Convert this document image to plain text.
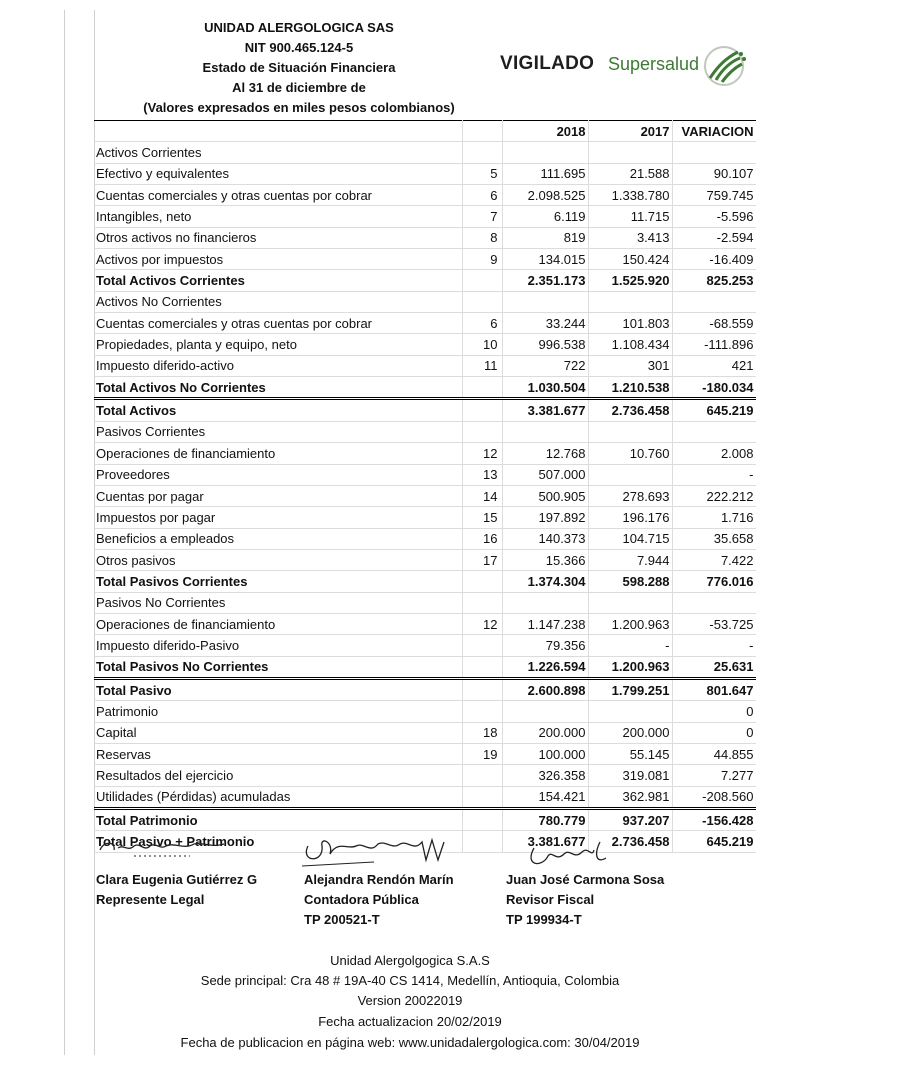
UNIDAD ALERGOLOGICA SAS
NIT 900.465.124-5
Estado de Situación Financiera
Al 31 de diciembre de
(Valores expresados en miles pesos colombianos)
VIGILADO Supersalud
		2018	2017	VARIACION
Activos Corrientes				
Efectivo y equivalentes	5	111.695	21.588	90.107
Cuentas comerciales y otras cuentas por cobrar	6	2.098.525	1.338.780	759.745
Intangibles, neto	7	6.119	11.715	-5.596
Otros activos no financieros	8	819	3.413	-2.594
Activos por impuestos	9	134.015	150.424	-16.409
Total Activos Corrientes		2.351.173	1.525.920	825.253
Activos No Corrientes				
Cuentas comerciales y otras cuentas por cobrar	6	33.244	101.803	-68.559
Propiedades, planta y equipo, neto	10	996.538	1.108.434	-111.896
Impuesto diferido-activo	11	722	301	421
Total Activos No Corrientes		1.030.504	1.210.538	-180.034
Total Activos		3.381.677	2.736.458	645.219
Pasivos Corrientes				
Operaciones de financiamiento	12	12.768	10.760	2.008
Proveedores	13	507.000		-
Cuentas por pagar	14	500.905	278.693	222.212
Impuestos por pagar	15	197.892	196.176	1.716
Beneficios a empleados	16	140.373	104.715	35.658
Otros pasivos	17	15.366	7.944	7.422
Total Pasivos Corrientes		1.374.304	598.288	776.016
Pasivos No Corrientes				
Operaciones de financiamiento	12	1.147.238	1.200.963	-53.725
Impuesto diferido-Pasivo		79.356	-	-
Total Pasivos No Corrientes		1.226.594	1.200.963	25.631
Total Pasivo		2.600.898	1.799.251	801.647
Patrimonio				0
Capital	18	200.000	200.000	0
Reservas	19	100.000	55.145	44.855
Resultados del ejercicio		326.358	319.081	7.277
Utilidades (Pérdidas) acumuladas		154.421	362.981	-208.560
Total Patrimonio		780.779	937.207	-156.428
Total Pasivo + Patrimonio		3.381.677	2.736.458	645.219
Clara Eugenia Gutiérrez G
Represente Legal
Alejandra Rendón Marín
Contadora Pública
TP 200521-T
Juan José Carmona Sosa
Revisor Fiscal
TP 199934-T
Unidad Alergolgogica S.A.S
Sede principal: Cra 48 # 19A-40 CS 1414, Medellín, Antioquia, Colombia
Version 20022019
Fecha actualizacion 20/02/2019
Fecha de publicacion en página web: www.unidadalergologica.com: 30/04/2019
